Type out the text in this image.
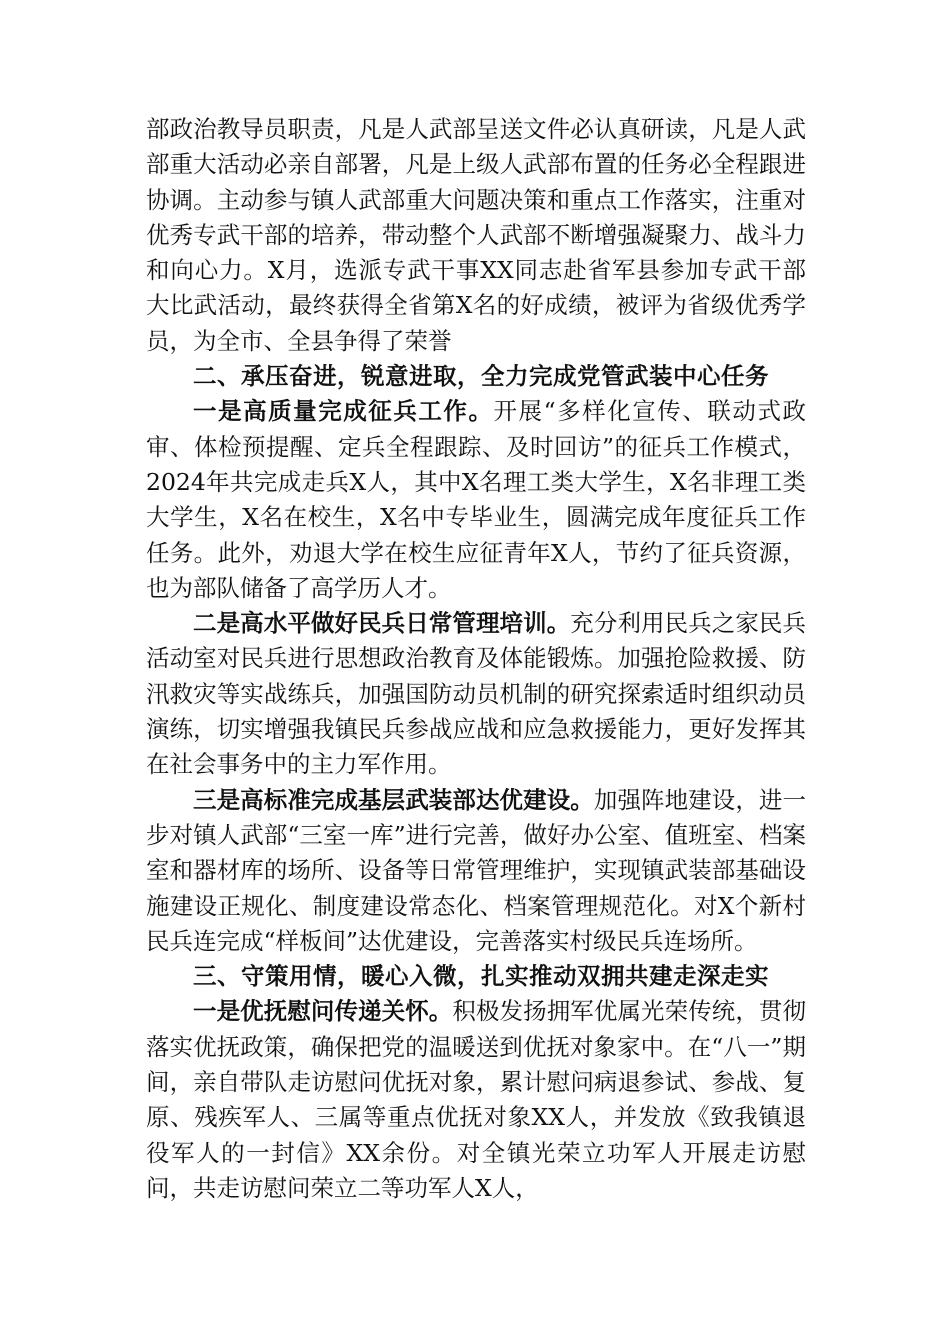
部政治教导员职责，凡是人武部呈送文件必认真研读，凡是人武部重大活动必亲自部署，凡是上级人武部布置的任务必全程跟进协调。主动参与镇人武部重大问题决策和重点工作落实，注重对优秀专武干部的培养，带动整个人武部不断增强凝聚力、战斗力和向心力。X月，选派专武干事XX同志赴省军县参加专武干部大比武活动，最终获得全省第X名的好成绩，被评为省级优秀学员，为全市、全县争得了荣誉

二、承压奋进，锐意进取，全力完成党管武装中心任务

一是高质量完成征兵工作。开展“多样化宣传、联动式政审、体检预提醒、定兵全程跟踪、及时回访”的征兵工作模式，2024年共完成走兵X人，其中X名理工类大学生，X名非理工类大学生，X名在校生，X名中专毕业生，圆满完成年度征兵工作任务。此外，劝退大学在校生应征青年X人，节约了征兵资源，也为部队储备了高学历人才。

二是高水平做好民兵日常管理培训。充分利用民兵之家民兵活动室对民兵进行思想政治教育及体能锻炼。加强抢险救援、防汛救灾等实战练兵，加强国防动员机制的研究探索适时组织动员演练，切实增强我镇民兵参战应战和应急救援能力，更好发挥其在社会事务中的主力军作用。

三是高标准完成基层武装部达优建设。加强阵地建设，进一步对镇人武部“三室一库”进行完善，做好办公室、值班室、档案室和器材库的场所、设备等日常管理维护，实现镇武装部基础设施建设正规化、制度建设常态化、档案管理规范化。对X个新村民兵连完成“样板间”达优建设，完善落实村级民兵连场所。

三、守策用情，暖心入微，扎实推动双拥共建走深走实

一是优抚慰问传递关怀。积极发扬拥军优属光荣传统，贯彻落实优抚政策，确保把党的温暖送到优抚对象家中。在“八一”期间，亲自带队走访慰问优抚对象，累计慰问病退参试、参战、复原、残疾军人、三属等重点优抚对象XX人，并发放《致我镇退役军人的一封信》XX余份。对全镇光荣立功军人开展走访慰问，共走访慰问荣立二等功军人X人，
